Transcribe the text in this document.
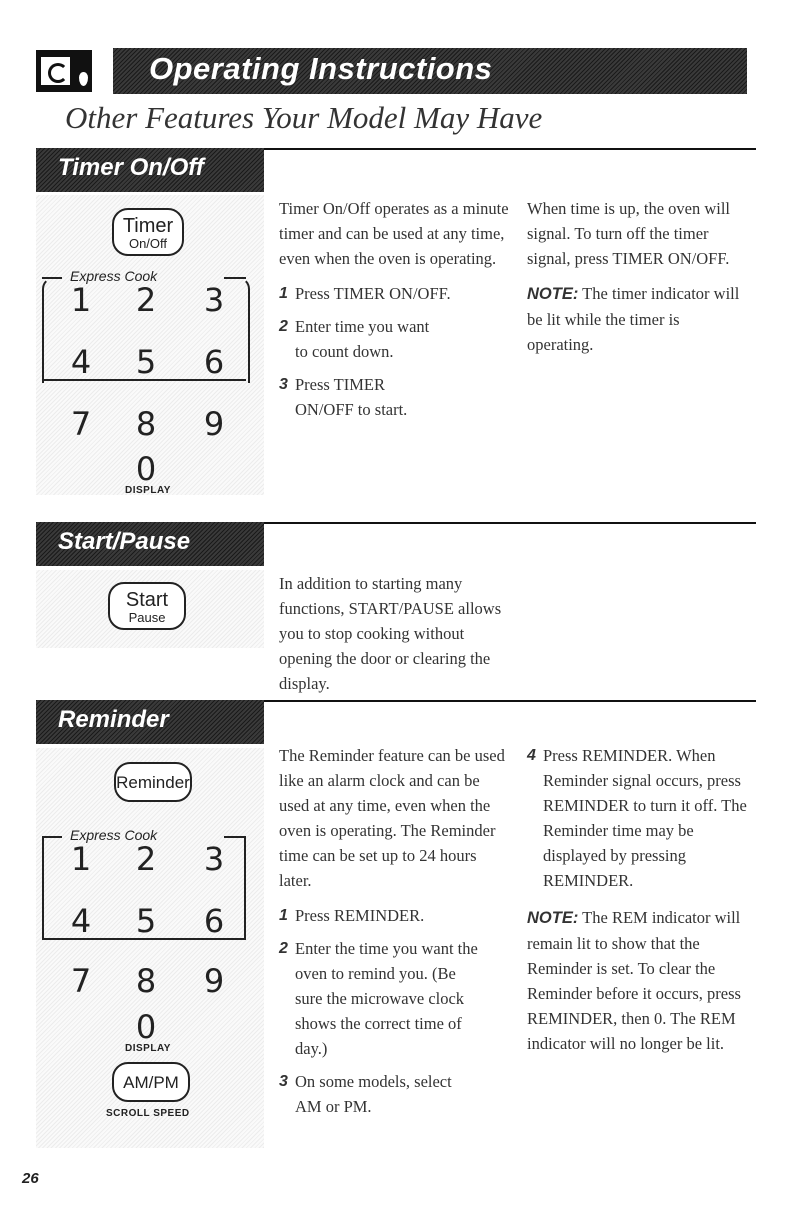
Operating Instructions
Other Features Your Model May Have
Timer On/Off
Timer
On/Off
Express Cook
1 2 3
4 5 6
7 8 9
0
DISPLAY

Timer On/Off operates as a minute timer and can be used at any time, even when the oven is operating.

1 Press TIMER ON/OFF.
2 Enter time you want to count down.
3 Press TIMER ON/OFF to start.

When time is up, the oven will signal. To turn off the timer signal, press TIMER ON/OFF.

NOTE: The timer indicator will be lit while the timer is operating.

Start/Pause
Start
Pause

In addition to starting many functions, START/PAUSE allows you to stop cooking without opening the door or clearing the display.

Reminder
Reminder
Express Cook
1 2 3
4 5 6
7 8 9
0
DISPLAY
AM/PM
SCROLL SPEED

The Reminder feature can be used like an alarm clock and can be used at any time, even when the oven is operating. The Reminder time can be set up to 24 hours later.

1 Press REMINDER.
2 Enter the time you want the oven to remind you. (Be sure the microwave clock shows the correct time of day.)
3 On some models, select AM or PM.
4 Press REMINDER. When Reminder signal occurs, press REMINDER to turn it off. The Reminder time may be displayed by pressing REMINDER.

NOTE: The REM indicator will remain lit to show that the Reminder is set. To clear the Reminder before it occurs, press REMINDER, then 0. The REM indicator will no longer be lit.

26
